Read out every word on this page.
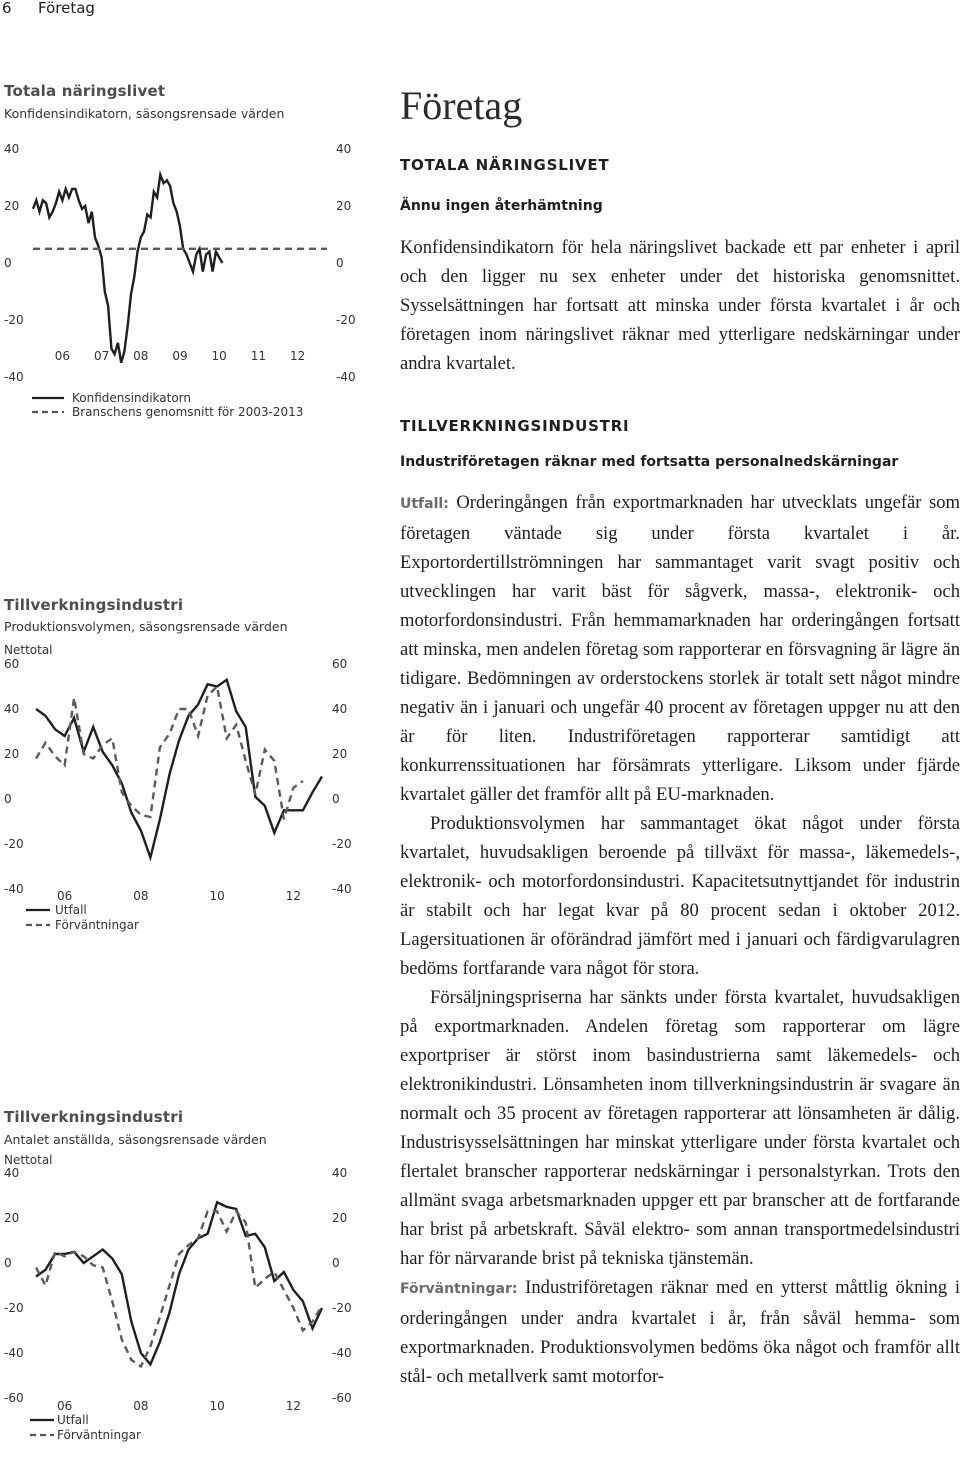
6 Företag
Totala näringslivet
Konfidensindikatorn, säsongsrensade värden
40
20
0
-20
-40
40
20
0
-20
-40
06 07 08 09 10 11 12
Konfidensindikatorn
Branschens genomsnitt för 2003-2013
Tillverkningsindustri
Produktionsvolymen, säsongsrensade värden
Nettotal
60
40
20
0
-20
-40
60
40
20
0
-20
-40
06	08	10	12
Utfall
Förväntningar
Tillverkningsindustri
Antalet anställda, säsongsrensade värden
Nettotal
40
20
0
-20
-40
-60
40
20
0
-20
-40
-60
06	08	10	12
Utfall
Förväntningar
Företag
TOTALA NÄRINGSLIVET
Ännu ingen återhämtning

Konfidensindikatorn för hela näringslivet backade ett par enheter i april och den ligger nu sex enheter under det historiska genomsnittet. Sysselsättningen har fortsatt att minska under första kvartalet i år och företagen inom näringslivet räknar med ytterligare nedskärningar under andra kvartalet.

TILLVERKNINGSINDUSTRI
Industriföretagen räknar med fortsatta personalnedskärningar

Utfall: Orderingången från exportmarknaden har utvecklats ungefär som företagen väntade sig under första kvartalet i år. Exportordertillströmningen har sammantaget varit svagt positiv och utvecklingen har varit bäst för sågverk, massa-, elektronik- och motorfordonsindustri. Från hemmamarknaden har orderingången fortsatt att minska, men andelen företag som rapporterar en försvagning är lägre än tidigare. Bedömningen av orderstockens storlek är totalt sett något mindre negativ än i januari och ungefär 40 procent av företagen uppger nu att den är för liten. Industriföretagen rapporterar samtidigt att konkurrenssituationen har försämrats ytterligare. Liksom under fjärde kvartalet gäller det framför allt på EU-marknaden.

Produktionsvolymen har sammantaget ökat något under första kvartalet, huvudsakligen beroende på tillväxt för massa-, läkemedels-, elektronik- och motorfordonsindustri. Kapacitetsutnyttjandet för industrin är stabilt och har legat kvar på 80 procent sedan i oktober 2012. Lagersituationen är oförändrad jämfört med i januari och färdigvarulagren bedöms fortfarande vara något för stora.

Försäljningspriserna har sänkts under första kvartalet, huvudsakligen på exportmarknaden. Andelen företag som rapporterar om lägre exportpriser är störst inom basindustrierna samt läkemedels- och elektronikindustri. Lönsamheten inom tillverkningsindustrin är svagare än normalt och 35 procent av företagen rapporterar att lönsamheten är dålig. Industrisysselsättningen har minskat ytterligare under första kvartalet och flertalet branscher rapporterar nedskärningar i personalstyrkan. Trots den allmänt svaga arbetsmarknaden uppger ett par branscher att de fortfarande har brist på arbetskraft. Såväl elektro- som annan transportmedelsindustri har för närvarande brist på tekniska tjänstemän.

Förväntningar: Industriföretagen räknar med en ytterst måttlig ökning i orderingången under andra kvartalet i år, från såväl hemma- som exportmarknaden. Produktionsvolymen bedöms öka något och framför allt stål- och metallverk samt motorfor-
